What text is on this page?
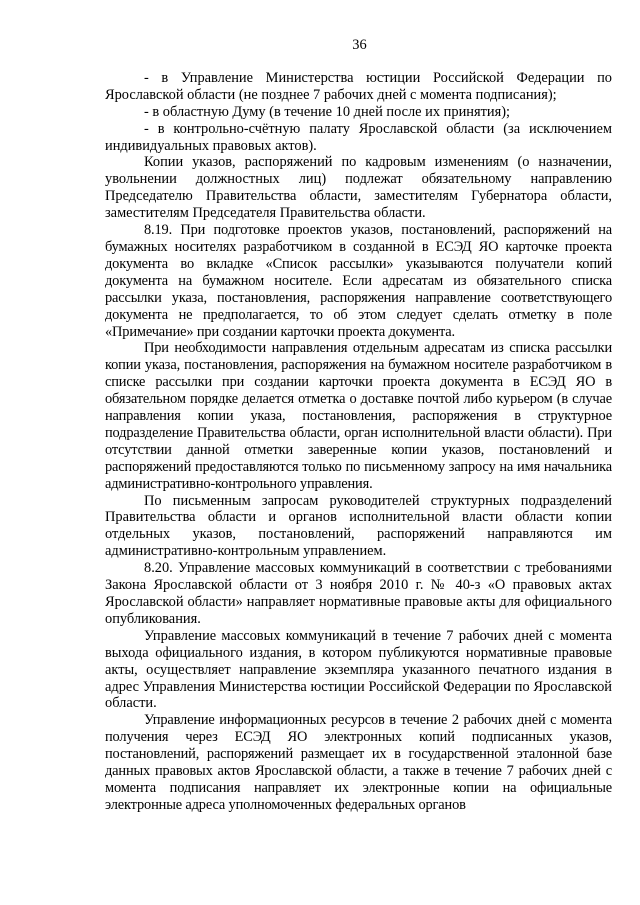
36

- в Управление Министерства юстиции Российской Федерации по Ярославской области (не позднее 7 рабочих дней с момента подписания);

- в областную Думу (в течение 10 дней после их принятия);

- в контрольно-счётную палату Ярославской области (за исключением индивидуальных правовых актов).

Копии указов, распоряжений по кадровым изменениям (о назначении, увольнении должностных лиц) подлежат обязательному направлению Председателю Правительства области, заместителям Губернатора области, заместителям Председателя Правительства области.

8.19. При подготовке проектов указов, постановлений, распоряжений на бумажных носителях разработчиком в созданной в ЕСЭД ЯО карточке проекта документа во вкладке «Список рассылки» указываются получатели копий документа на бумажном носителе. Если адресатам из обязательного списка рассылки указа, постановления, распоряжения направление соответствующего документа не предполагается, то об этом следует сделать отметку в поле «Примечание» при создании карточки проекта документа.

При необходимости направления отдельным адресатам из списка рассылки копии указа, постановления, распоряжения на бумажном носителе разработчиком в списке рассылки при создании карточки проекта документа в ЕСЭД ЯО в обязательном порядке делается отметка о доставке почтой либо курьером (в случае направления копии указа, постановления, распоряжения в структурное подразделение Правительства области, орган исполнительной власти области). При отсутствии данной отметки заверенные копии указов, постановлений и распоряжений предоставляются только по письменному запросу на имя начальника административно-контрольного управления.

По письменным запросам руководителей структурных подразделений Правительства области и органов исполнительной власти области копии отдельных указов, постановлений, распоряжений направляются им административно-контрольным управлением.

8.20. Управление массовых коммуникаций в соответствии с требованиями Закона Ярославской области от 3 ноября 2010 г. № 40-з «О правовых актах Ярославской области» направляет нормативные правовые акты для официального опубликования.

Управление массовых коммуникаций в течение 7 рабочих дней с момента выхода официального издания, в котором публикуются нормативные правовые акты, осуществляет направление экземпляра указанного печатного издания в адрес Управления Министерства юстиции Российской Федерации по Ярославской области.

Управление информационных ресурсов в течение 2 рабочих дней с момента получения через ЕСЭД ЯО электронных копий подписанных указов, постановлений, распоряжений размещает их в государственной эталонной базе данных правовых актов Ярославской области, а также в течение 7 рабочих дней с момента подписания направляет их электронные копии на официальные электронные адреса уполномоченных федеральных органов
